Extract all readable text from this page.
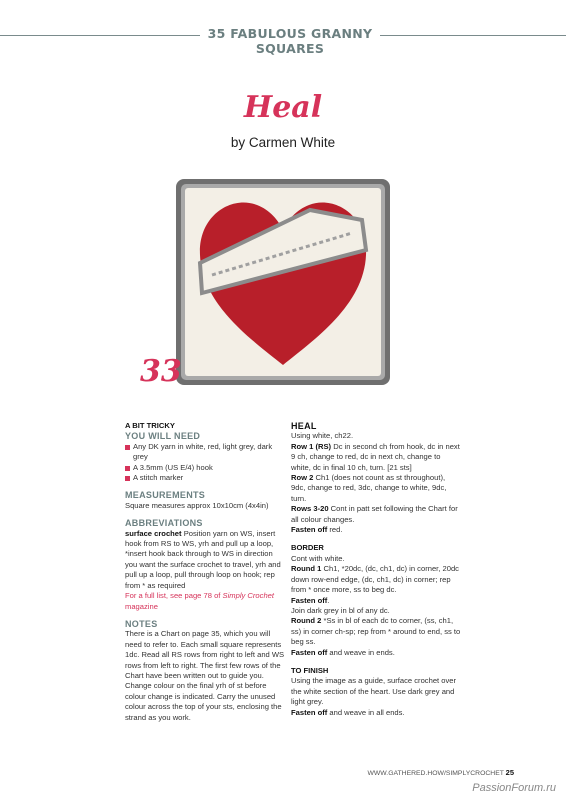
35 FABULOUS GRANNY SQUARES
Heal
by Carmen White
33
A BIT TRICKY
YOU WILL NEED
Any DK yarn in white, red, light grey, dark grey
A 3.5mm (US E/4) hook
A stitch marker
MEASUREMENTS

Square measures approx 10x10cm (4x4in)

ABBREVIATIONS

surface crochet Position yarn on WS, insert hook from RS to WS, yrh and pull up a loop, *insert hook back through to WS in direction you want the surface crochet to travel, yrh and pull up a loop, pull through loop on hook; rep from * as required

For a full list, see page 78 of Simply Crochet magazine

NOTES

There is a Chart on page 35, which you will need to refer to. Each small square represents 1dc. Read all RS rows from right to left and WS rows from left to right. The first few rows of the Chart have been written out to guide you. Change colour on the final yrh of st before colour change is indicated. Carry the unused colour across the top of your sts, enclosing the strand as you work.

HEAL

Using white, ch22.

Row 1 (RS) Dc in second ch from hook, dc in next 9 ch, change to red, dc in next ch, change to white, dc in final 10 ch, turn. [21 sts]

Row 2 Ch1 (does not count as st throughout), 9dc, change to red, 3dc, change to white, 9dc, turn.

Rows 3-20 Cont in patt set following the Chart for all colour changes.

Fasten off red.

BORDER

Cont with white.

Round 1 Ch1, *20dc, (dc, ch1, dc) in corner, 20dc down row-end edge, (dc, ch1, dc) in corner; rep from * once more, ss to beg dc.

Fasten off.

Join dark grey in bl of any dc.

Round 2 *Ss in bl of each dc to corner, (ss, ch1, ss) in corner ch-sp; rep from * around to end, ss to beg ss.

Fasten off and weave in ends.

TO FINISH

Using the image as a guide, surface crochet over the white section of the heart. Use dark grey and light grey.

Fasten off and weave in all ends.

WWW.GATHERED.HOW/SIMPLYCROCHET 25
PassionForum.ru
